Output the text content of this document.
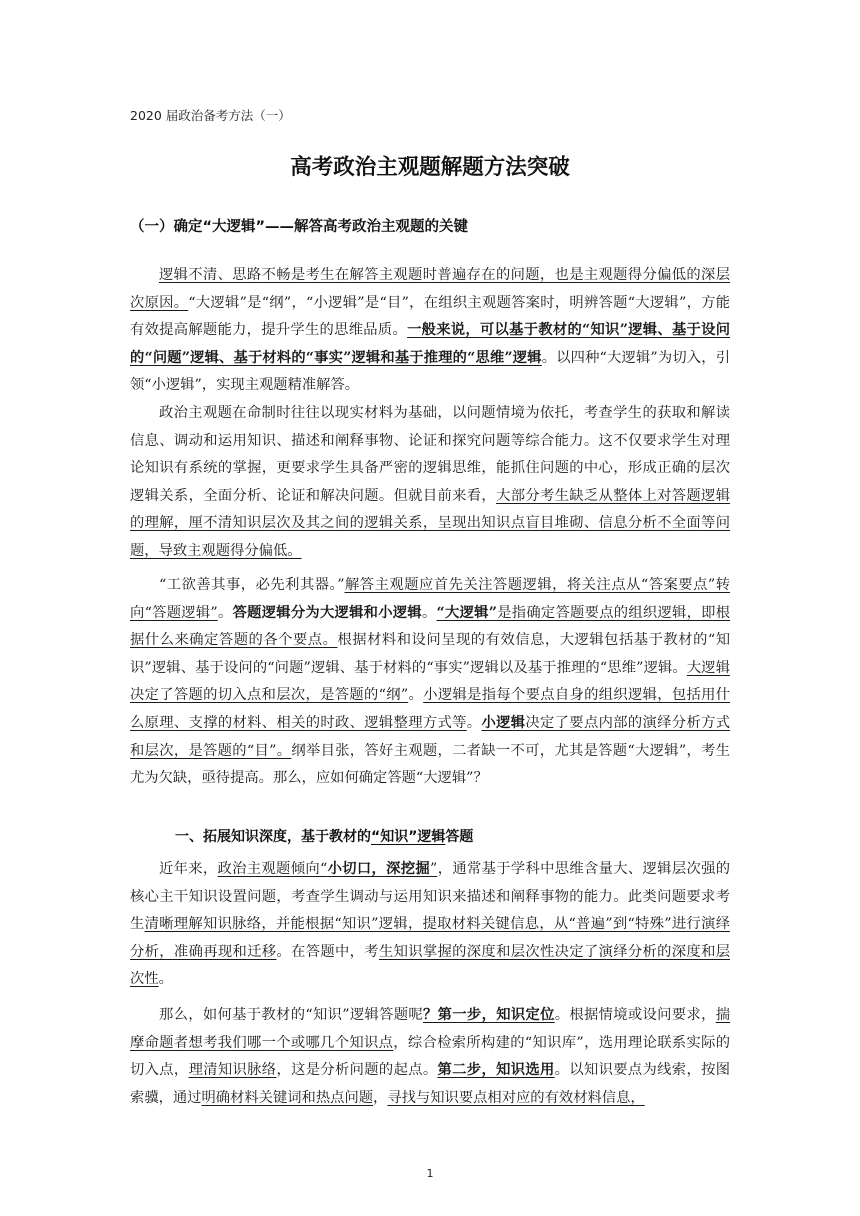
2020 届政治备考方法（一）
高考政治主观题解题方法突破
（一）确定“大逻辑”——解答高考政治主观题的关键

逻辑不清、思路不畅是考生在解答主观题时普遍存在的问题，也是主观题得分偏低的深层次原因。“大逻辑”是“纲”，“小逻辑”是“目”，在组织主观题答案时，明辨答题“大逻辑”，方能有效提高解题能力，提升学生的思维品质。一般来说，可以基于教材的“知识”逻辑、基于设问的“问题”逻辑、基于材料的“事实”逻辑和基于推理的“思维”逻辑。以四种“大逻辑”为切入，引领“小逻辑”，实现主观题精准解答。

政治主观题在命制时往往以现实材料为基础，以问题情境为依托，考查学生的获取和解读信息、调动和运用知识、描述和阐释事物、论证和探究问题等综合能力。这不仅要求学生对理论知识有系统的掌握，更要求学生具备严密的逻辑思维，能抓住问题的中心，形成正确的层次逻辑关系，全面分析、论证和解决问题。但就目前来看，大部分考生缺乏从整体上对答题逻辑的理解，厘不清知识层次及其之间的逻辑关系，呈现出知识点盲目堆砌、信息分析不全面等问题，导致主观题得分偏低。

“工欲善其事，必先利其器。”解答主观题应首先关注答题逻辑，将关注点从“答案要点”转向“答题逻辑”。答题逻辑分为大逻辑和小逻辑。“大逻辑”是指确定答题要点的组织逻辑，即根据什么来确定答题的各个要点。根据材料和设问呈现的有效信息，大逻辑包括基于教材的“知识”逻辑、基于设问的“问题”逻辑、基于材料的“事实”逻辑以及基于推理的“思维”逻辑。大逻辑决定了答题的切入点和层次，是答题的“纲”。小逻辑是指每个要点自身的组织逻辑，包括用什么原理、支撑的材料、相关的时政、逻辑整理方式等。小逻辑决定了要点内部的演绎分析方式和层次，是答题的“目”。纲举目张，答好主观题，二者缺一不可，尤其是答题“大逻辑”，考生尤为欠缺，亟待提高。那么，应如何确定答题“大逻辑”？

一、拓展知识深度，基于教材的“知识”逻辑答题

近年来，政治主观题倾向“小切口，深挖掘”，通常基于学科中思维含量大、逻辑层次强的核心主干知识设置问题，考查学生调动与运用知识来描述和阐释事物的能力。此类问题要求考生清晰理解知识脉络，并能根据“知识”逻辑，提取材料关键信息，从“普遍”到“特殊”进行演绎分析，准确再现和迁移。在答题中，考生知识掌握的深度和层次性决定了演绎分析的深度和层次性。

那么，如何基于教材的“知识”逻辑答题呢？第一步，知识定位。根据情境或设问要求，揣摩命题者想考我们哪一个或哪几个知识点，综合检索所构建的“知识库”，选用理论联系实际的切入点，理清知识脉络，这是分析问题的起点。第二步，知识选用。以知识要点为线索，按图索骥，通过明确材料关键词和热点问题，寻找与知识要点相对应的有效材料信息，

1
